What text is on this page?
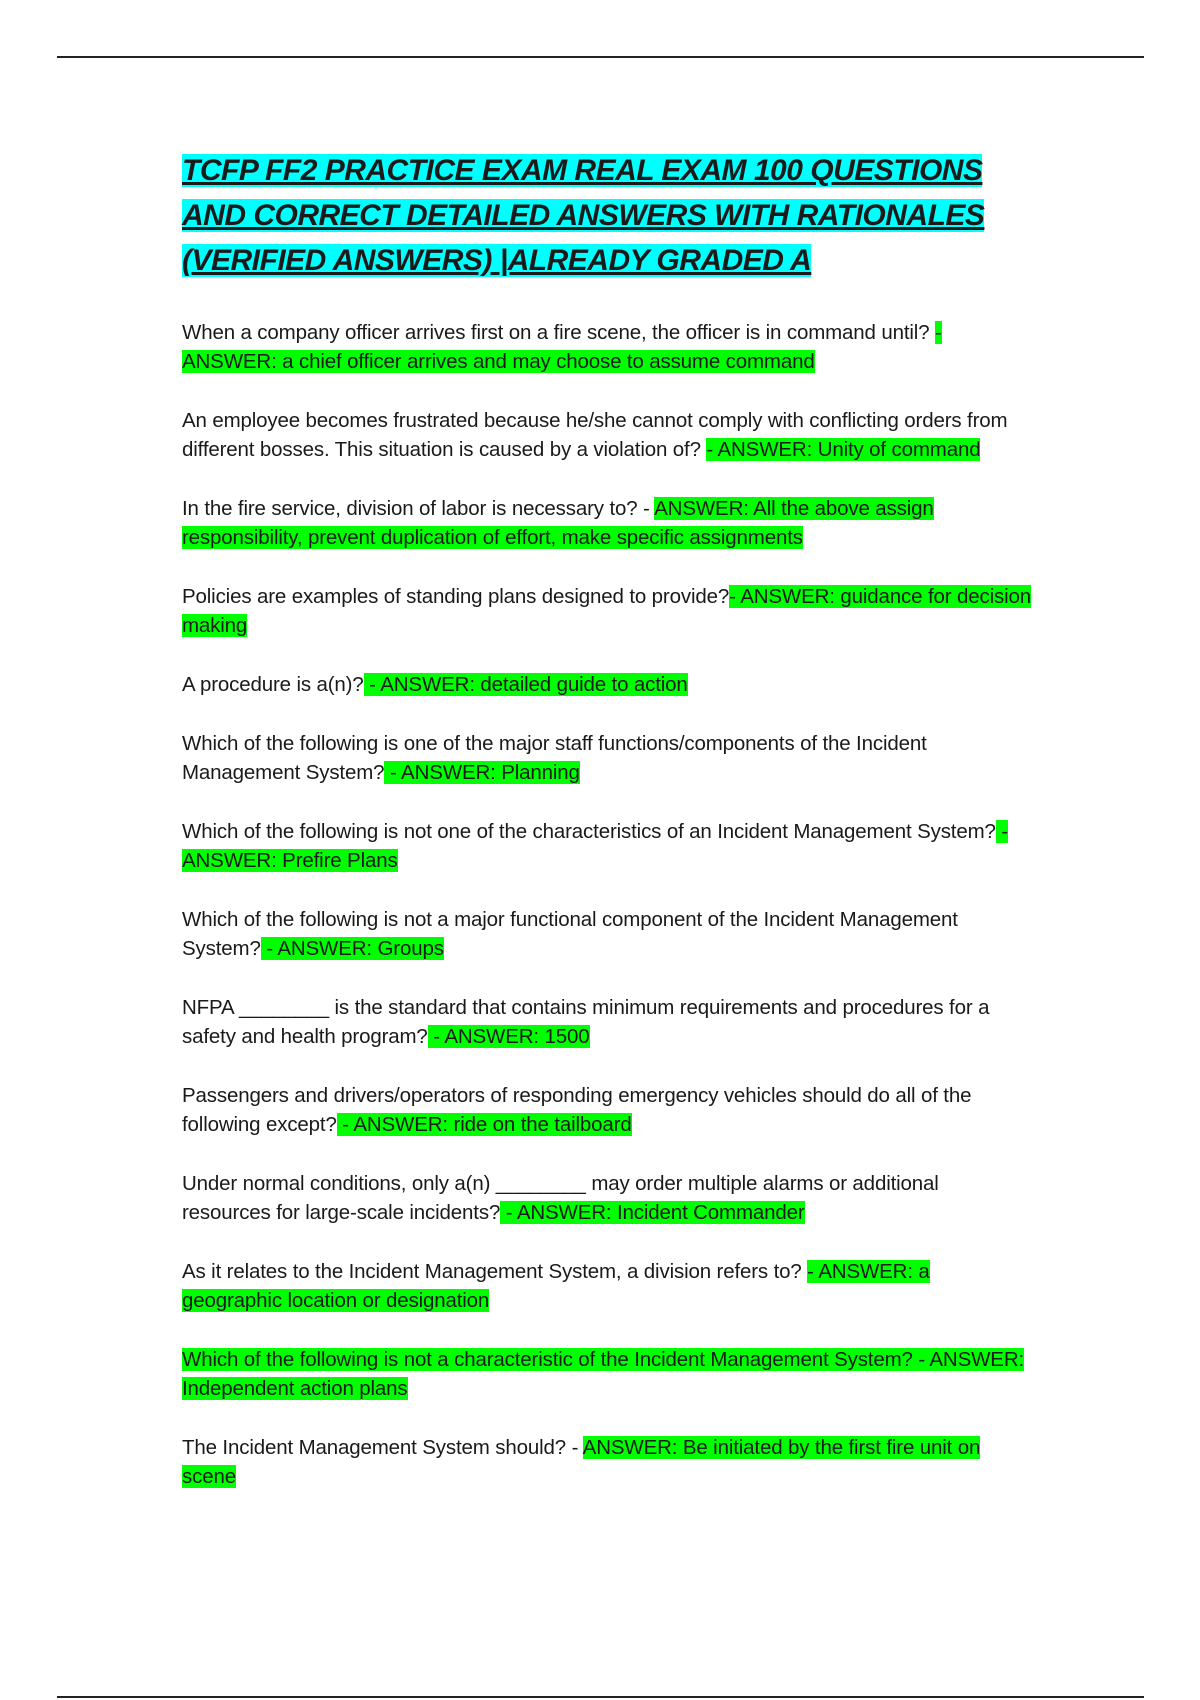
TCFP FF2 PRACTICE EXAM REAL EXAM 100 QUESTIONS
AND CORRECT DETAILED ANSWERS WITH RATIONALES
(VERIFIED ANSWERS) |ALREADY GRADED A

When a company officer arrives first on a fire scene, the officer is in command until? - ANSWER: a chief officer arrives and may choose to assume command

An employee becomes frustrated because he/she cannot comply with conflicting orders from different bosses. This situation is caused by a violation of? - ANSWER: Unity of command

In the fire service, division of labor is necessary to? - ANSWER: All the above assign responsibility, prevent duplication of effort, make specific assignments

Policies are examples of standing plans designed to provide?- ANSWER: guidance for decision making

A procedure is a(n)? - ANSWER: detailed guide to action

Which of the following is one of the major staff functions/components of the Incident Management System? - ANSWER: Planning

Which of the following is not one of the characteristics of an Incident Management System? - ANSWER: Prefire Plans

Which of the following is not a major functional component of the Incident Management System? - ANSWER: Groups

NFPA ________ is the standard that contains minimum requirements and procedures for a safety and health program? - ANSWER: 1500

Passengers and drivers/operators of responding emergency vehicles should do all of the following except? - ANSWER: ride on the tailboard

Under normal conditions, only a(n) ________ may order multiple alarms or additional resources for large-scale incidents? - ANSWER: Incident Commander

As it relates to the Incident Management System, a division refers to? - ANSWER: a geographic location or designation

Which of the following is not a characteristic of the Incident Management System? - ANSWER: Independent action plans

The Incident Management System should? - ANSWER: Be initiated by the first fire unit on scene
